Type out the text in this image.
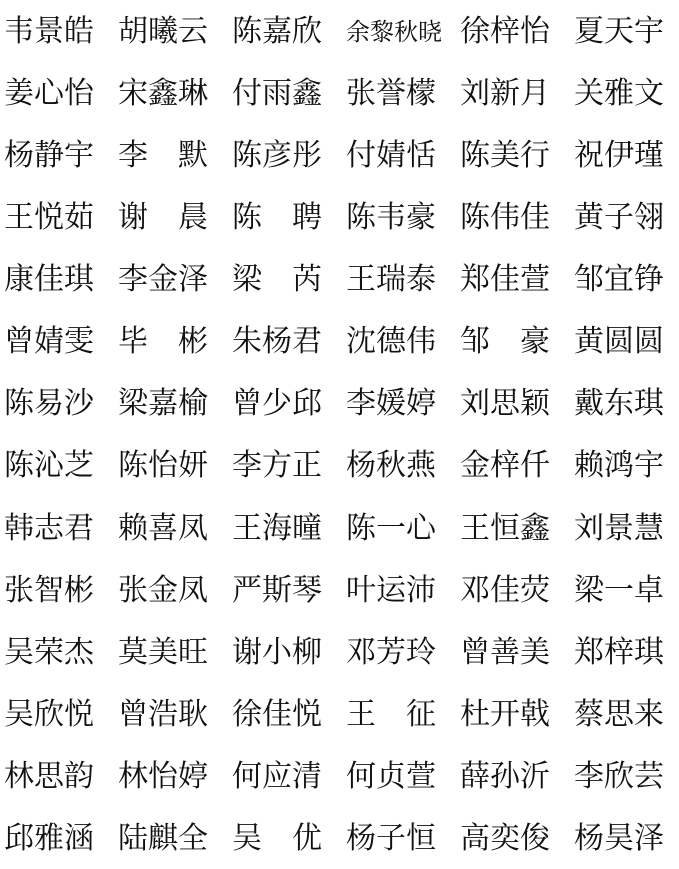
韦景皓 胡曦云 陈嘉欣	余黎秋晓 徐梓怡 夏天宇
姜心怡 宋鑫琳 付雨鑫 张誉檬 刘新月 关雅文
杨静宇 李　默 陈彦彤 付婧恬 陈美行 祝伊瑾
王悦茹 谢　晨 陈　聘 陈韦豪 陈伟佳 黄子翎
康佳琪 李金泽 梁　芮 王瑞泰 郑佳萱 邹宜铮
曾婧雯 毕　彬 朱杨君 沈德伟 邹　豪 黄圆圆
陈易沙 梁嘉榆 曾少邱 李媛婷 刘思颖 戴东琪
陈沁芝 陈怡妍 李方正 杨秋燕 金梓仟 赖鸿宇
韩志君 赖喜凤 王海曈 陈一心 王恒鑫 刘景慧
张智彬 张金凤 严斯琴 叶运沛 邓佳荧 梁一卓
吴荣杰 莫美旺 谢小柳 邓芳玲 曾善美 郑梓琪
吴欣悦 曾浩耿 徐佳悦 王　征 杜开戟 蔡思来
林思韵 林怡婷 何应清 何贞萱 薛孙沂 李欣芸
邱雅涵 陆麒全 吴　优 杨子恒 高奕俊 杨昊泽
